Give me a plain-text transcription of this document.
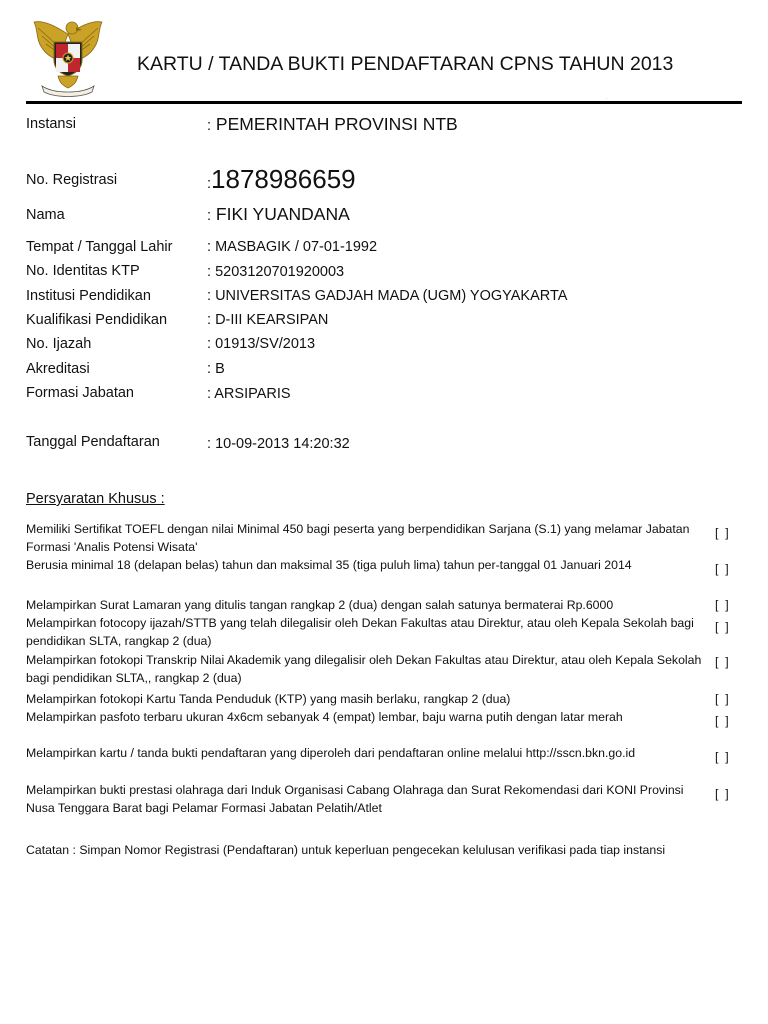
KARTU / TANDA BUKTI PENDAFTARAN CPNS TAHUN 2013
·
Instansi	: PEMERINTAH PROVINSI NTB
No. Registrasi	:1878986659
Nama	: FIKI YUANDANA
Tempat / Tanggal Lahir : MASBAGIK / 07-01-1992
No. Identitas KTP	: 5203120701920003
Institusi Pendidikan	: UNIVERSITAS GADJAH MADA (UGM) YOGYAKARTA
Kualifikasi Pendidikan	: D-III KEARSIPAN
No. Ijazah	: 01913/SV/2013
Akreditasi	: B
Formasi Jabatan	: ARSIPARIS
Tanggal Pendaftaran	: 10-09-2013 14:20:32
Persyaratan Khusus :
Memiliki Sertifikat TOEFL dengan nilai Minimal 450 bagi peserta yang berpendidikan Sarjana (S.1) yang melamar Jabatan Formasi 'Analis Potensi Wisata'
[  ]
Berusia minimal 18 (delapan belas) tahun dan maksimal 35 (tiga puluh lima) tahun per-tanggal 01 Januari 2014	[  ]
Melampirkan Surat Lamaran yang ditulis tangan rangkap 2 (dua) dengan salah satunya bermaterai Rp.6000	[  ]
Melampirkan fotocopy ijazah/STTB yang telah dilegalisir oleh Dekan Fakultas atau Direktur, atau oleh Kepala Sekolah bagi pendidikan SLTA, rangkap 2 (dua)
[  ]
Melampirkan fotokopi Transkrip Nilai Akademik yang dilegalisir oleh Dekan Fakultas atau Direktur, atau oleh Kepala Sekolah bagi pendidikan SLTA,, rangkap 2 (dua)
[  ]
Melampirkan fotokopi Kartu Tanda Penduduk (KTP) yang masih berlaku, rangkap 2 (dua)	[  ]
Melampirkan pasfoto terbaru ukuran 4x6cm sebanyak 4 (empat) lembar, baju warna putih dengan latar merah	[  ]
Melampirkan kartu / tanda bukti pendaftaran yang diperoleh dari pendaftaran online melalui http://sscn.bkn.go.id	[  ]
Melampirkan bukti prestasi olahraga dari Induk Organisasi Cabang Olahraga dan Surat Rekomendasi dari KONI Provinsi Nusa Tenggara Barat bagi Pelamar Formasi Jabatan Pelatih/Atlet
[  ]
Catatan : Simpan Nomor Registrasi (Pendaftaran) untuk keperluan pengecekan kelulusan verifikasi pada tiap instansi
